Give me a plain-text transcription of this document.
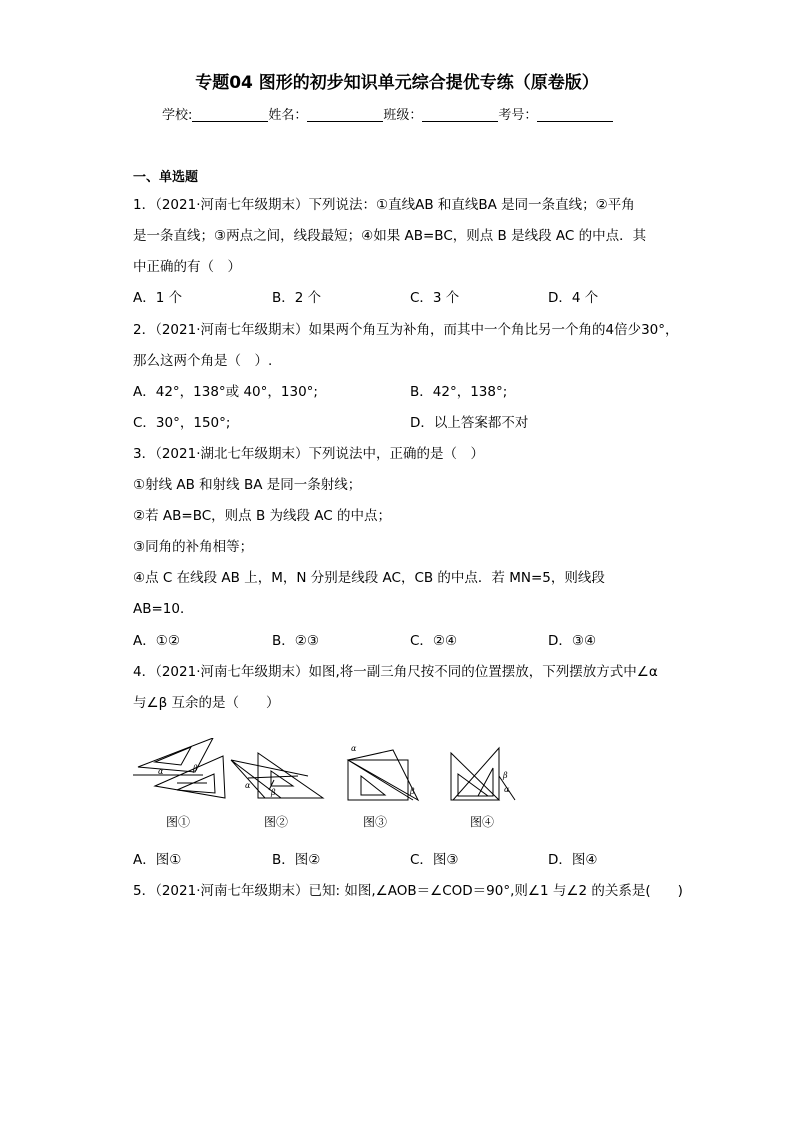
专题04 图形的初步知识单元综合提优专练（原卷版）
学校:	姓名：	班级：	考号：
一、单选题
1．（2021·河南七年级期末）下列说法：①直线AB 和直线BA 是同一条直线；②平角
是一条直线；③两点之间，线段最短；④如果 AB=BC，则点 B 是线段 AC 的中点．其
中正确的有（　）
A．1 个	B．2 个	C．3 个	D．4 个
2．（2021·河南七年级期末）如果两个角互为补角，而其中一个角比另一个角的4倍少30°，
那么这两个角是（　）.
A．42°，138°或 40°，130°;	B．42°，138°;
C．30°，150°;	D．以上答案都不对
3．（2021·湖北七年级期末）下列说法中，正确的是（　）
①射线 AB 和射线 BA 是同一条射线；
②若 AB=BC，则点 B 为线段 AC 的中点；
③同角的补角相等；
④点 C 在线段 AB 上，M，N 分别是线段 AC，CB 的中点．若 MN=5，则线段
AB=10．
A．①②	B．②③	C．②④	D．③④
4．（2021·河南七年级期末）如图,将一副三角尺按不同的位置摆放，下列摆放方式中∠α
与∠β 互余的是（　　）
α	β
α
β
α
β
β
α
图①	图②	图③	图④
A．图①	B．图②	C．图③	D．图④
5．（2021·河南七年级期末）已知: 如图,∠AOB＝∠COD＝90°,则∠1 与∠2 的关系是(　　)
